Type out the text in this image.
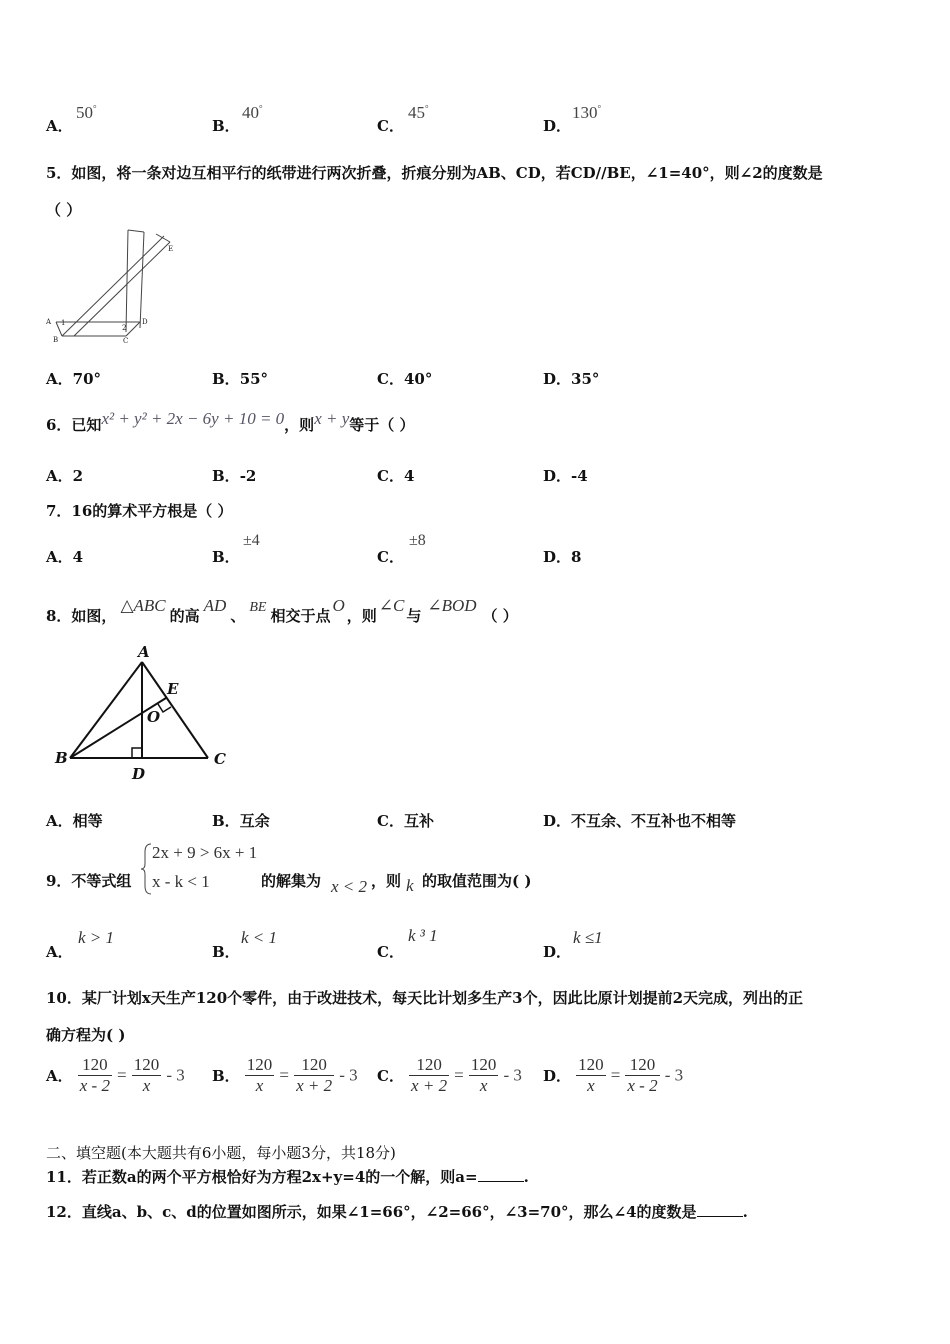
A．
50°
B．
40°
C．
45°
D．
130°
5．如图，将一条对边互相平行的纸带进行两次折叠，折痕分别为AB、CD，若CD//BE，∠1=40°，则∠2的度数是
（ ）
A
B	C
D
E
1
2
A．70°	B．55°	C．40°	D．35°
6．已知x² + y² + 2x − 6y + 10 = 0，则x + y等于（ ）
A．2	B．-2	C．4	D．-4
7．16的算术平方根是（ ）
A．4	B．
±4
C．
±8
D．8
8．如图，△ABC的高AD、 BE 相交于点O，则∠C与∠BOD（ ）
A
B	C
D
E
O
A．相等	B．互余	C．互补	D．不互余、不互补也不相等
9．不等式组
2x + 9 > 6x + 1
x - k < 1	的解集为 x < 2 ，则 k 的取值范围为( )
A．
k > 1
B．
k < 1
C．
k ³ 1
D．
k ≤1
10．某厂计划x天生产120个零件，由于改进技术，每天比计划多生产3个，因此比原计划提前2天完成，列出的正
确方程为( )
A． $\frac{120}{x - 2} = \frac{120}{x} - 3$ B． $\frac{120}{x} = \frac{120}{x + 2} - 3$ C． $\frac{120}{x + 2} = \frac{120}{x} - 3$ D． $\frac{120}{x} = \frac{120}{x - 2} - 3$
二、填空题(本大题共有6小题，每小题3分，共18分)
11．若正数a的两个平方根恰好为方程2x+y=4的一个解，则a=	.
12．直线a、b、c、d的位置如图所示，如果∠1=66°，∠2=66°，∠3=70°，那么∠4的度数是	.
